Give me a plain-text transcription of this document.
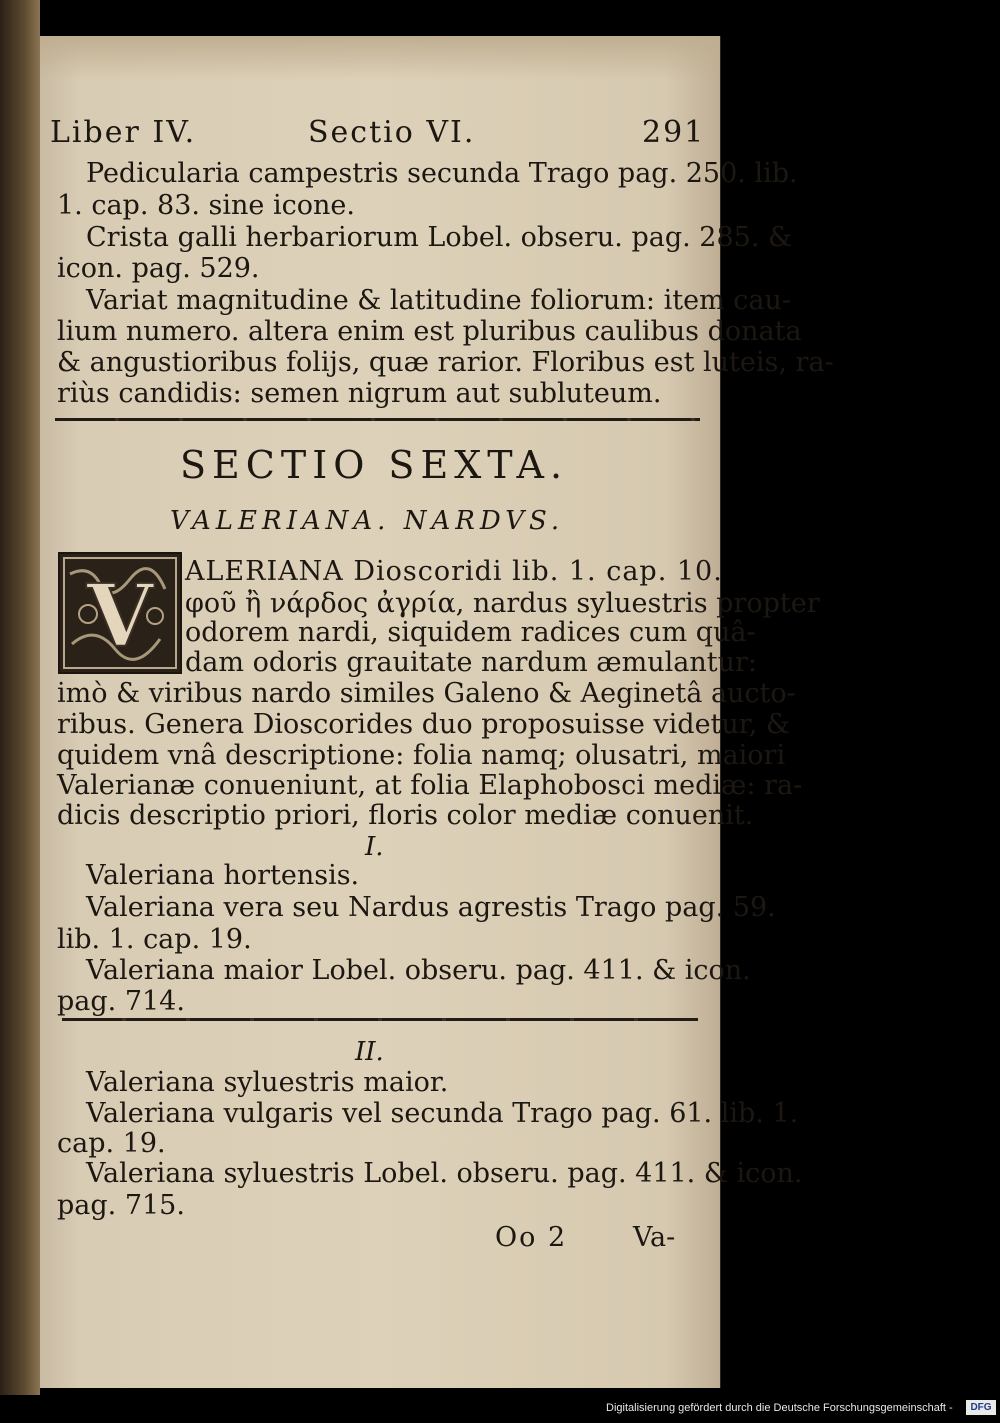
Liber IV.	Sectio VI.	291
Pedicularia campestris secunda Trago pag. 250. lib.
1. cap. 83. sine icone.
Crista galli herbariorum Lobel. obseru. pag. 285. &
icon. pag. 529.
Variat magnitudine & latitudine foliorum: item cau-
lium numero. altera enim est pluribus caulibus donata
& angustioribus folijs, quæ rarior. Floribus est luteis, ra-
riùs candidis: semen nigrum aut subluteum.
SECTIO SEXTA.
VALERIANA. NARDVS.
V ALERIANA Dioscoridi lib. 1. cap. 10.
φοῦ ἢ νάρδος ἀγρία, nardus syluestris propter
odorem nardi, siquidem radices cum quâ-
dam odoris grauitate nardum æmulantur:
imò & viribus nardo similes Galeno & Aeginetâ aucto-
ribus. Genera Dioscorides duo proposuisse videtur, &
quidem vnâ descriptione: folia namq; olusatri, maiori
Valerianæ conueniunt, at folia Elaphobosci mediæ: ra-
dicis descriptio priori, floris color mediæ conuenit.
I.
Valeriana hortensis.
Valeriana vera seu Nardus agrestis Trago pag. 59.
lib. 1. cap. 19.
Valeriana maior Lobel. obseru. pag. 411. & icon.
pag. 714.
II.
Valeriana syluestris maior.
Valeriana vulgaris vel secunda Trago pag. 61. lib. 1.
cap. 19.
Valeriana syluestris Lobel. obseru. pag. 411. & icon.
pag. 715.
Oo 2 Va-
Digitalisierung gefördert durch die Deutsche Forschungsgemeinschaft -	DFG
